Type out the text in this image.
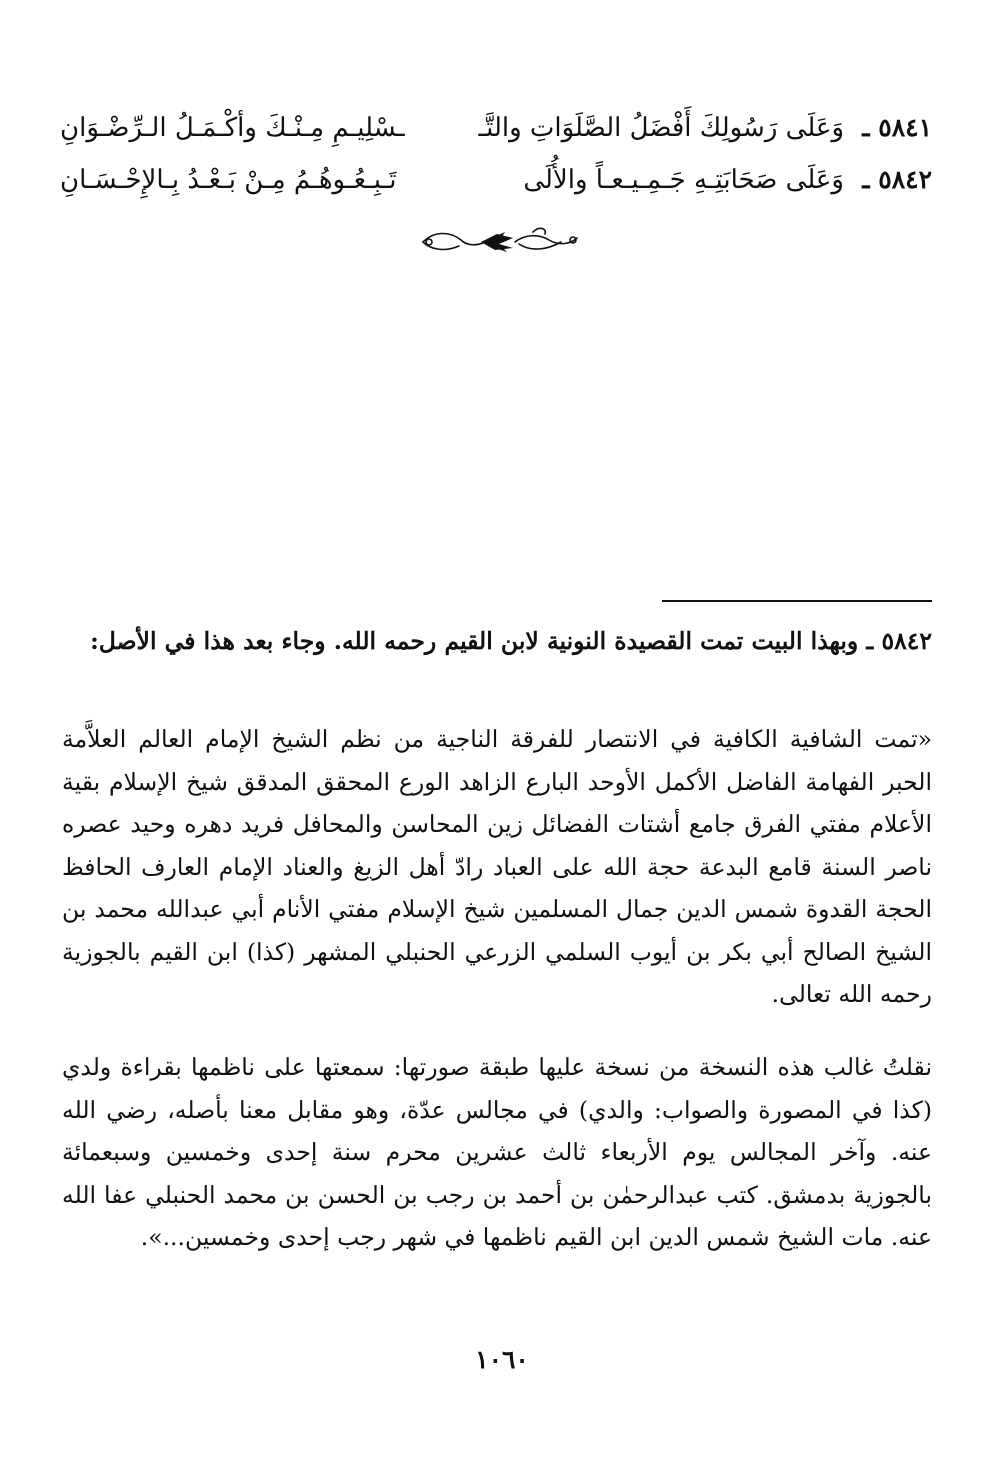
٥٨٤١ ـ
وَعَلَى رَسُولِكَ أَفْضَلُ الصَّلَوَاتِ والتَّـ
ـسْلِيـمِ مِـنْـكَ وأكْـمَـلُ الـرِّضْـوَانِ
٥٨٤٢ ـ
وَعَلَى صَحَابَتِـهِ جَـمِـيـعـاً والأُلَى
تَـبِـعُـوهُـمُ مِـنْ بَـعْـدُ بِـالإِحْـسَـانِ

٥٨٤٢ ـ وبهذا البيت تمت القصيدة النونية لابن القيم رحمه الله. وجاء بعد هذا في الأصل:

«تمت الشافية الكافية في الانتصار للفرقة الناجية من نظم الشيخ الإمام العالم العلاَّمة الحبر الفهامة الفاضل الأكمل الأوحد البارع الزاهد الورع المحقق المدقق شيخ الإسلام بقية الأعلام مفتي الفرق جامع أشتات الفضائل زين المحاسن والمحافل فريد دهره وحيد عصره ناصر السنة قامع البدعة حجة الله على العباد رادّ أهل الزيغ والعناد الإمام العارف الحافظ الحجة القدوة شمس الدين جمال المسلمين شيخ الإسلام مفتي الأنام أبي عبدالله محمد بن الشيخ الصالح أبي بكر بن أيوب السلمي الزرعي الحنبلي المشهر (كذا) ابن القيم بالجوزية رحمه الله تعالى.

نقلتُ غالب هذه النسخة من نسخة عليها طبقة صورتها: سمعتها على ناظمها بقراءة ولدي (كذا في المصورة والصواب: والدي) في مجالس عدّة، وهو مقابل معنا بأصله، رضي الله عنه. وآخر المجالس يوم الأربعاء ثالث عشرين محرم سنة إحدى وخمسين وسبعمائة بالجوزية بدمشق. كتب عبدالرحمٰن بن أحمد بن رجب بن الحسن بن محمد الحنبلي عفا الله عنه. مات الشيخ شمس الدين ابن القيم ناظمها في شهر رجب إحدى وخمسين...».

١٠٦٠
